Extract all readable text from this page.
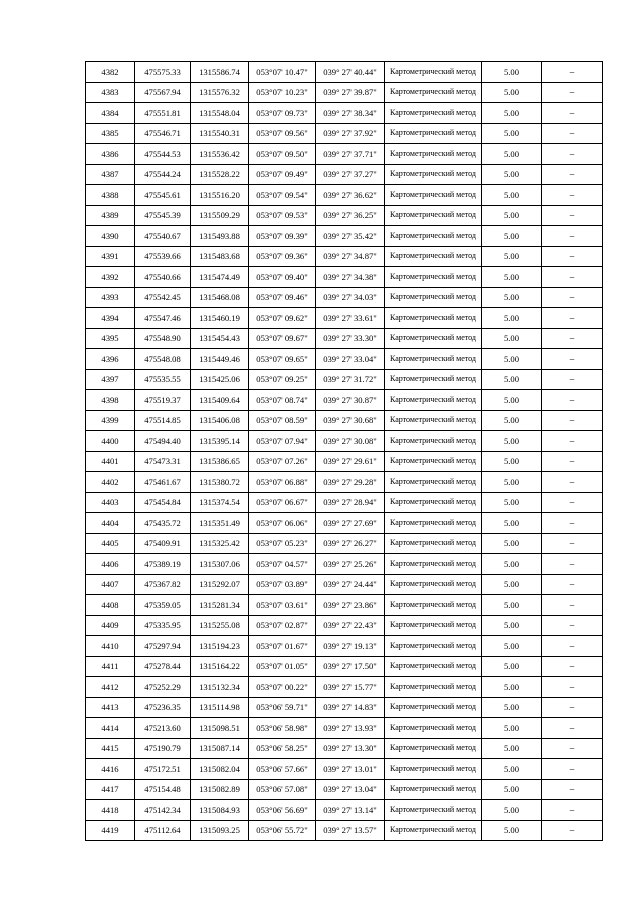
4382	475575.33	1315586.74	053°07' 10.47"	039° 27' 40.44"	Картометрический метод	5.00	–
4383	475567.94	1315576.32	053°07' 10.23"	039° 27' 39.87"	Картометрический метод	5.00	–
4384	475551.81	1315548.04	053°07' 09.73"	039° 27' 38.34"	Картометрический метод	5.00	–
4385	475546.71	1315540.31	053°07' 09.56"	039° 27' 37.92"	Картометрический метод	5.00	–
4386	475544.53	1315536.42	053°07' 09.50"	039° 27' 37.71"	Картометрический метод	5.00	–
4387	475544.24	1315528.22	053°07' 09.49"	039° 27' 37.27"	Картометрический метод	5.00	–
4388	475545.61	1315516.20	053°07' 09.54"	039° 27' 36.62"	Картометрический метод	5.00	–
4389	475545.39	1315509.29	053°07' 09.53"	039° 27' 36.25"	Картометрический метод	5.00	–
4390	475540.67	1315493.88	053°07' 09.39"	039° 27' 35.42"	Картометрический метод	5.00	–
4391	475539.66	1315483.68	053°07' 09.36"	039° 27' 34.87"	Картометрический метод	5.00	–
4392	475540.66	1315474.49	053°07' 09.40"	039° 27' 34.38"	Картометрический метод	5.00	–
4393	475542.45	1315468.08	053°07' 09.46"	039° 27' 34.03"	Картометрический метод	5.00	–
4394	475547.46	1315460.19	053°07' 09.62"	039° 27' 33.61"	Картометрический метод	5.00	–
4395	475548.90	1315454.43	053°07' 09.67"	039° 27' 33.30"	Картометрический метод	5.00	–
4396	475548.08	1315449.46	053°07' 09.65"	039° 27' 33.04"	Картометрический метод	5.00	–
4397	475535.55	1315425.06	053°07' 09.25"	039° 27' 31.72"	Картометрический метод	5.00	–
4398	475519.37	1315409.64	053°07' 08.74"	039° 27' 30.87"	Картометрический метод	5.00	–
4399	475514.85	1315406.08	053°07' 08.59"	039° 27' 30.68"	Картометрический метод	5.00	–
4400	475494.40	1315395.14	053°07' 07.94"	039° 27' 30.08"	Картометрический метод	5.00	–
4401	475473.31	1315386.65	053°07' 07.26"	039° 27' 29.61"	Картометрический метод	5.00	–
4402	475461.67	1315380.72	053°07' 06.88"	039° 27' 29.28"	Картометрический метод	5.00	–
4403	475454.84	1315374.54	053°07' 06.67"	039° 27' 28.94"	Картометрический метод	5.00	–
4404	475435.72	1315351.49	053°07' 06.06"	039° 27' 27.69"	Картометрический метод	5.00	–
4405	475409.91	1315325.42	053°07' 05.23"	039° 27' 26.27"	Картометрический метод	5.00	–
4406	475389.19	1315307.06	053°07' 04.57"	039° 27' 25.26"	Картометрический метод	5.00	–
4407	475367.82	1315292.07	053°07' 03.89"	039° 27' 24.44"	Картометрический метод	5.00	–
4408	475359.05	1315281.34	053°07' 03.61"	039° 27' 23.86"	Картометрический метод	5.00	–
4409	475335.95	1315255.08	053°07' 02.87"	039° 27' 22.43"	Картометрический метод	5.00	–
4410	475297.94	1315194.23	053°07' 01.67"	039° 27' 19.13"	Картометрический метод	5.00	–
4411	475278.44	1315164.22	053°07' 01.05"	039° 27' 17.50"	Картометрический метод	5.00	–
4412	475252.29	1315132.34	053°07' 00.22"	039° 27' 15.77"	Картометрический метод	5.00	–
4413	475236.35	1315114.98	053°06' 59.71"	039° 27' 14.83"	Картометрический метод	5.00	–
4414	475213.60	1315098.51	053°06' 58.98"	039° 27' 13.93"	Картометрический метод	5.00	–
4415	475190.79	1315087.14	053°06' 58.25"	039° 27' 13.30"	Картометрический метод	5.00	–
4416	475172.51	1315082.04	053°06' 57.66"	039° 27' 13.01"	Картометрический метод	5.00	–
4417	475154.48	1315082.89	053°06' 57.08"	039° 27' 13.04"	Картометрический метод	5.00	–
4418	475142.34	1315084.93	053°06' 56.69"	039° 27' 13.14"	Картометрический метод	5.00	–
4419	475112.64	1315093.25	053°06' 55.72"	039° 27' 13.57"	Картометрический метод	5.00	–
